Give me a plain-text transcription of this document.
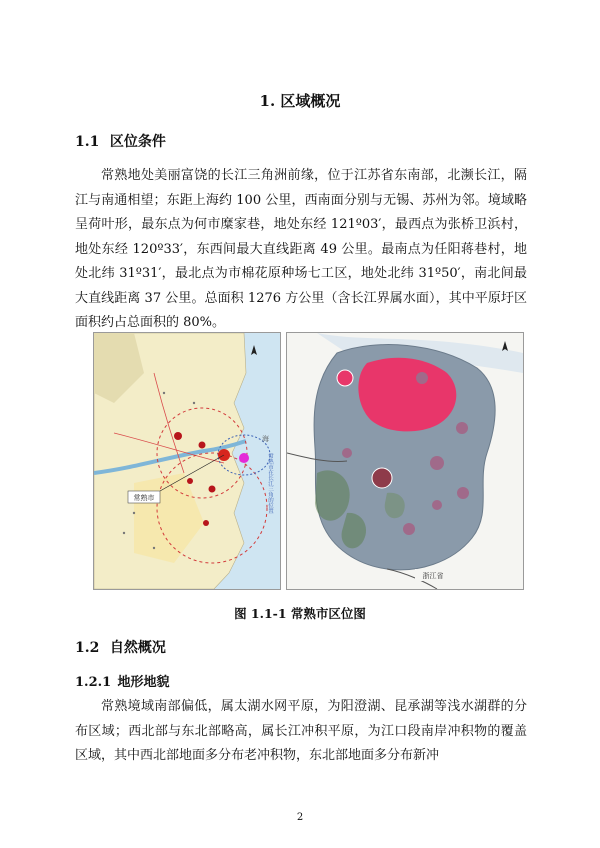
1. 区域概况
1.1 区位条件

常熟地处美丽富饶的长江三角洲前缘，位于江苏省东南部，北濒长江，隔江与南通相望；东距上海约 100 公里，西南面分别与无锡、苏州为邻。境域略呈荷叶形，最东点为何市糜家巷，地处东经 121º03′，最西点为张桥卫浜村，地处东经 120º33′，东西间最大直线距离 49 公里。最南点为任阳蒋巷村，地处北纬 31º31′，最北点为市棉花原种场七工区，地处北纬 31º50′，南北间最大直线距离 37 公里。总面积 1276 方公里（含长江界属水面），其中平原圩区面积约占总面积的 80%。

常熟市
海
常熟市在长江三角的位置
浙江省

图 1.1-1 常熟市区位图

1.2 自然概况
1.2.1 地形地貌

常熟境域南部偏低，属太湖水网平原，为阳澄湖、昆承湖等浅水湖群的分布区域；西北部与东北部略高，属长江冲积平原，为江口段南岸冲积物的覆盖区域，其中西北部地面多分布老冲积物，东北部地面多分布新冲

2
